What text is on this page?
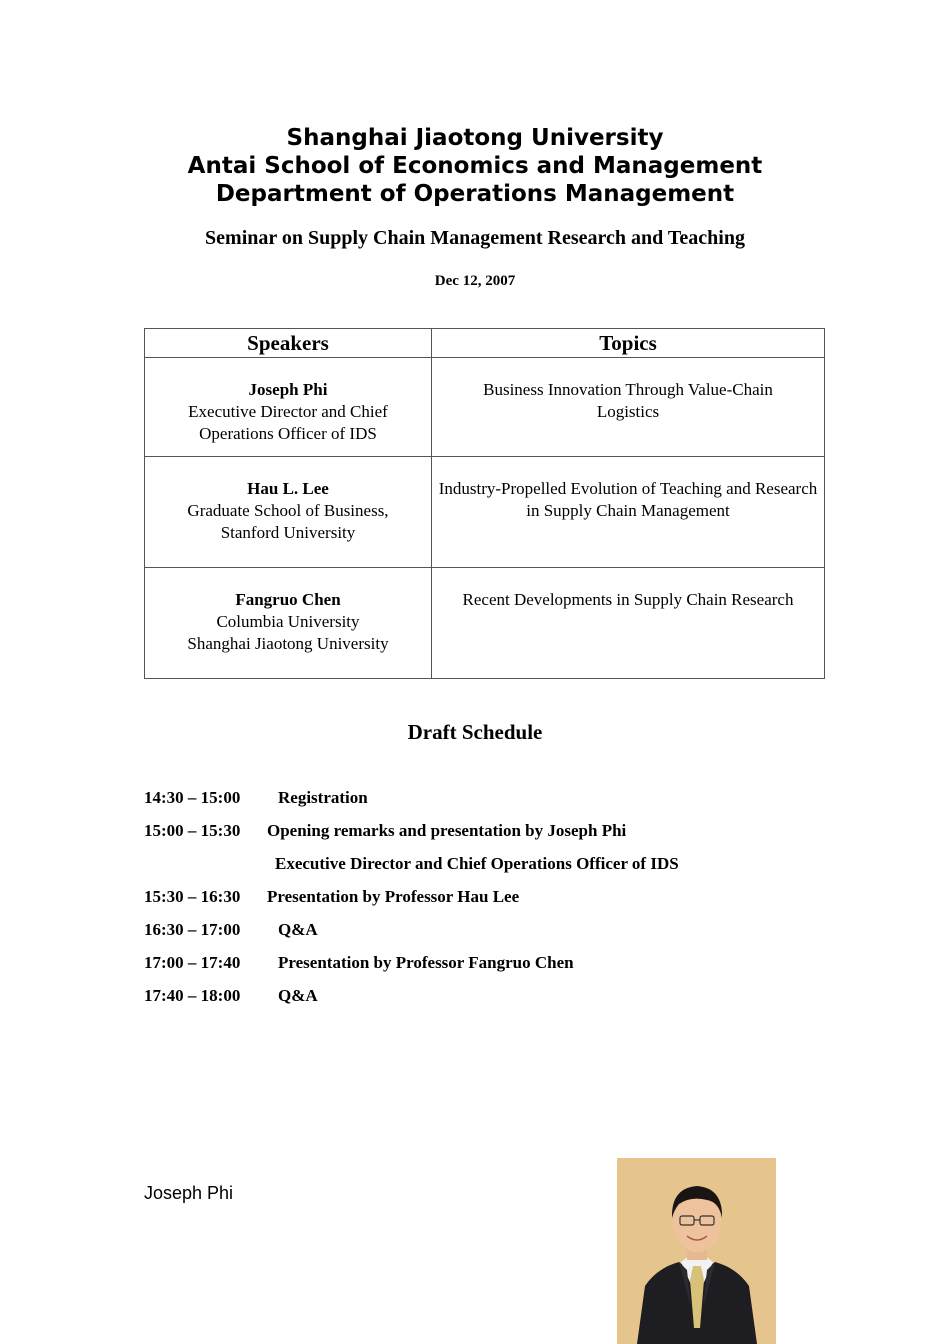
Shanghai Jiaotong University
Antai School of Economics and Management
Department of Operations Management
Seminar on Supply Chain Management Research and Teaching
Dec 12, 2007
Speakers	Topics

Joseph Phi
Executive Director and Chief
Operations Officer of IDS	Business Innovation Through Value-Chain Logistics

Hau L. Lee
Graduate School of Business,
Stanford University	Industry-Propelled Evolution of Teaching and Research in Supply Chain Management

Fangruo Chen
Columbia University
Shanghai Jiaotong University	Recent Developments in Supply Chain Research
Draft Schedule
14:30 – 15:00 Registration
15:00 – 15:30 Opening remarks and presentation by Joseph Phi
Executive Director and Chief Operations Officer of IDS
15:30 – 16:30 Presentation by Professor Hau Lee
16:30 – 17:00 Q&A
17:00 – 17:40 Presentation by Professor Fangruo Chen
17:40 – 18:00 Q&A
Joseph Phi
